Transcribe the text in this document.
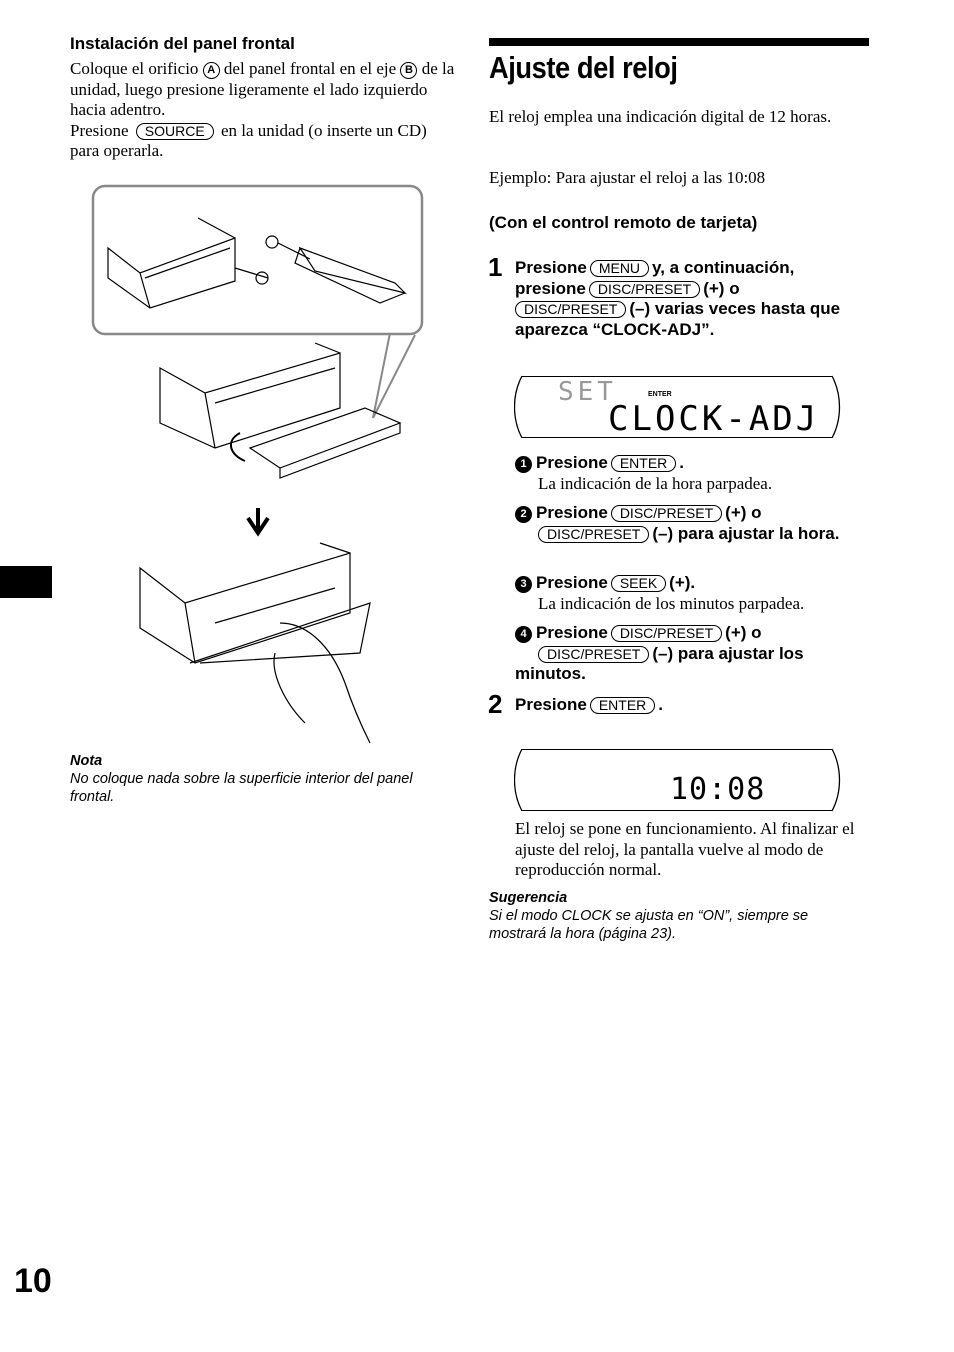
Instalación del panel frontal
Coloque el orificio A del panel frontal en el eje B de la unidad, luego presione ligeramente el lado izquierdo hacia adentro.
Presione SOURCE en la unidad (o inserte un CD) para operarla.
Nota
No coloque nada sobre la superficie interior del panel frontal.
10
Ajuste del reloj
El reloj emplea una indicación digital de 12 horas.
Ejemplo: Para ajustar el reloj a las 10:08
(Con el control remoto de tarjeta)
1 Presione MENU y, a continuación, presione DISC/PRESET (+) o
DISC/PRESET (–) varias veces hasta que aparezca “CLOCK-ADJ”.
SET	ENTER
CLOCK-ADJ
1 Presione ENTER .
La indicación de la hora parpadea.
2 Presione DISC/PRESET (+) o
DISC/PRESET (–) para ajustar la hora.
3 Presione SEEK (+).
La indicación de los minutos parpadea.
4 Presione DISC/PRESET (+) o
DISC/PRESET (–) para ajustar los minutos.
2 Presione ENTER .
10:08
El reloj se pone en funcionamiento. Al finalizar el ajuste del reloj, la pantalla vuelve al modo de reproducción normal.
Sugerencia
Si el modo CLOCK se ajusta en “ON”, siempre se mostrará la hora (página 23).
